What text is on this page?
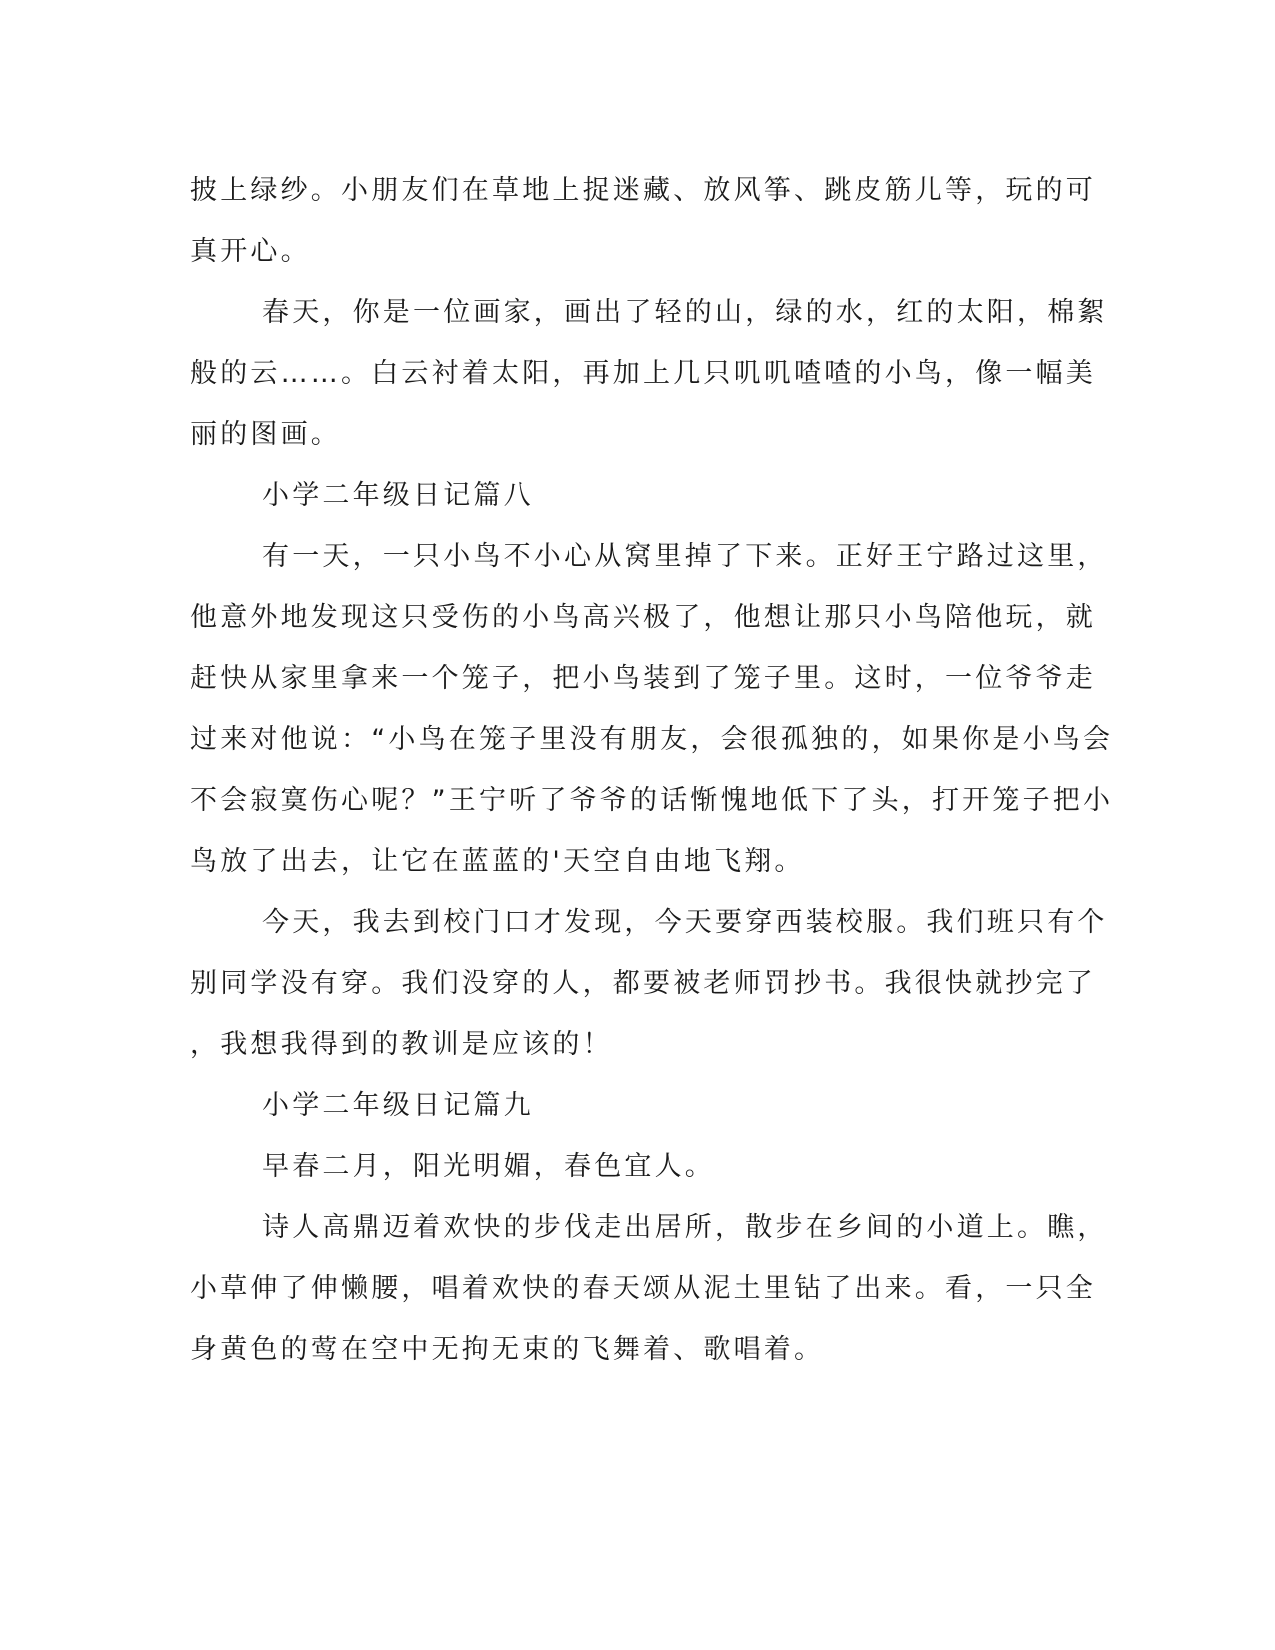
披上绿纱。小朋友们在草地上捉迷藏、放风筝、跳皮筋儿等，玩的可
真开心。
春天，你是一位画家，画出了轻的山，绿的水，红的太阳，棉絮
般的云……。白云衬着太阳，再加上几只叽叽喳喳的小鸟，像一幅美
丽的图画。
小学二年级日记篇八
有一天，一只小鸟不小心从窝里掉了下来。正好王宁路过这里，
他意外地发现这只受伤的小鸟高兴极了，他想让那只小鸟陪他玩，就
赶快从家里拿来一个笼子，把小鸟装到了笼子里。这时，一位爷爷走
过来对他说：“小鸟在笼子里没有朋友，会很孤独的，如果你是小鸟会
不会寂寞伤心呢？”王宁听了爷爷的话惭愧地低下了头，打开笼子把小
鸟放了出去，让它在蓝蓝的'天空自由地飞翔。
今天，我去到校门口才发现，今天要穿西装校服。我们班只有个
别同学没有穿。我们没穿的人，都要被老师罚抄书。我很快就抄完了
，我想我得到的教训是应该的！
小学二年级日记篇九
早春二月，阳光明媚，春色宜人。
诗人高鼎迈着欢快的步伐走出居所，散步在乡间的小道上。瞧，
小草伸了伸懒腰，唱着欢快的春天颂从泥土里钻了出来。看，一只全
身黄色的莺在空中无拘无束的飞舞着、歌唱着。
